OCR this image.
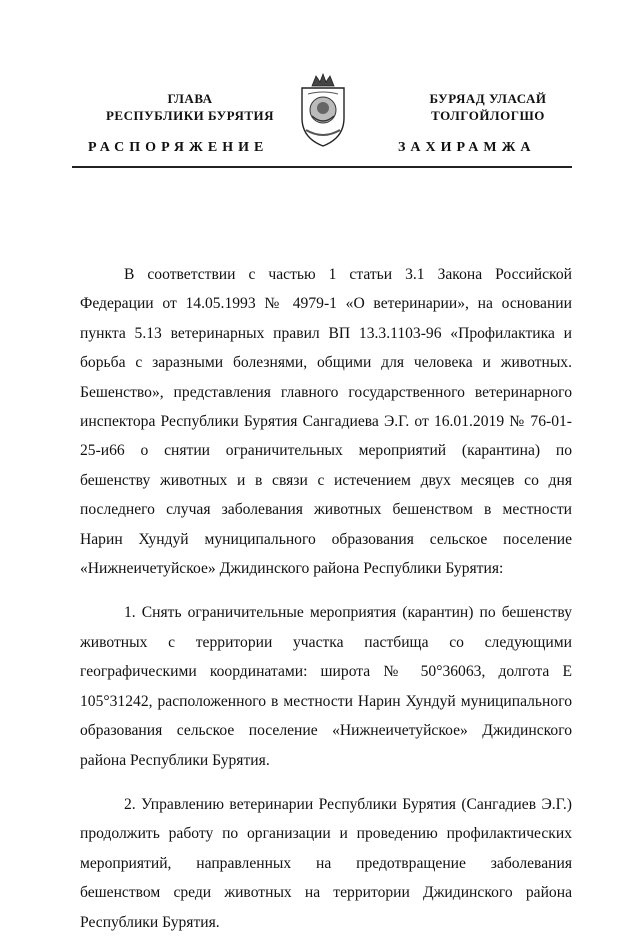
ГЛАВА
РЕСПУБЛИКИ БУРЯТИЯ
БУРЯАД УЛАСАЙ
ТОЛГОЙЛОГШО
РАСПОРЯЖЕНИЕ	ЗАХИРАМЖА

В соответствии с частью 1 статьи 3.1 Закона Российской Федерации от 14.05.1993 № 4979-1 «О ветеринарии», на основании пункта 5.13 ветеринарных правил ВП 13.3.1103-96 «Профилактика и борьба с заразными болезнями, общими для человека и животных. Бешенство», представления главного государственного ветеринарного инспектора Республики Бурятия Сангадиева Э.Г. от 16.01.2019 № 76-01-25-и66 о снятии ограничительных мероприятий (карантина) по бешенству животных и в связи с истечением двух месяцев со дня последнего случая заболевания животных бешенством в местности Нарин Хундуй муниципального образования сельское поселение «Нижнеичетуйское» Джидинского района Республики Бурятия:

1. Снять ограничительные мероприятия (карантин) по бешенству животных с территории участка пастбища со следующими географическими координатами: широта № 50°36063, долгота Е 105°31242, расположенного в местности Нарин Хундуй муниципального образования сельское поселение «Нижнеичетуйское» Джидинского района Республики Бурятия.

2. Управлению ветеринарии Республики Бурятия (Сангадиев Э.Г.) продолжить работу по организации и проведению профилактических мероприятий, направленных на предотвращение заболевания бешенством среди животных на территории Джидинского района Республики Бурятия.
